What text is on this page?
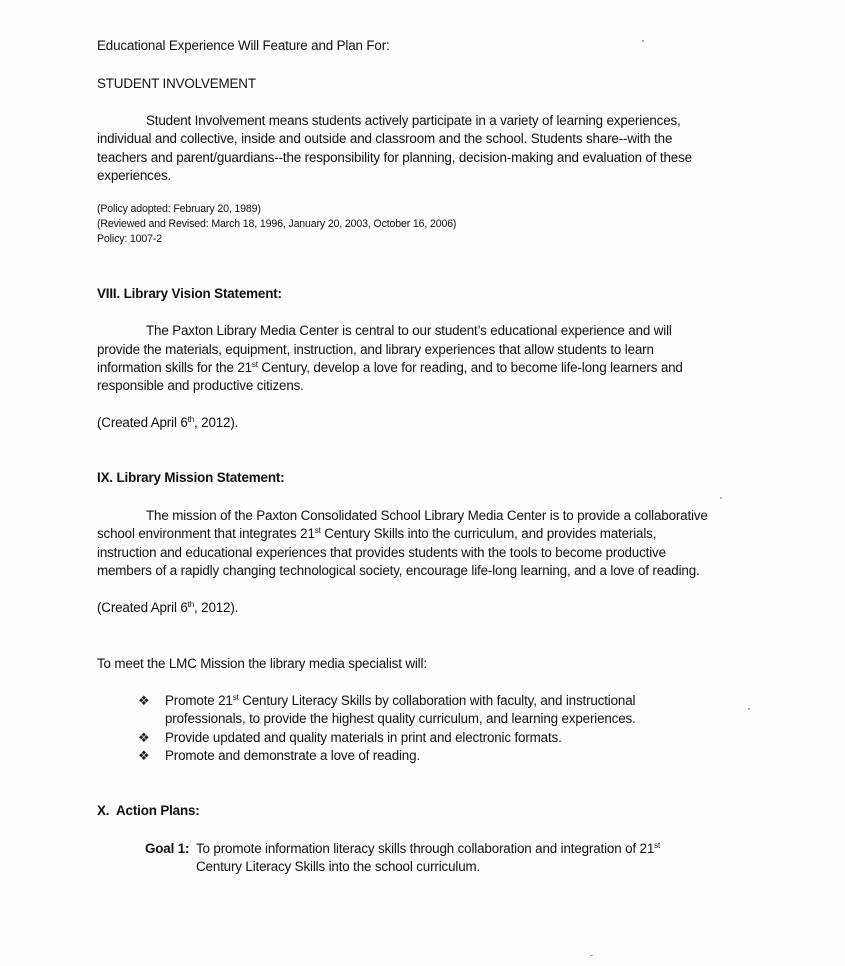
Educational Experience Will Feature and Plan For:
STUDENT INVOLVEMENT
Student Involvement means students actively participate in a variety of learning experiences,
individual and collective, inside and outside and classroom and the school. Students share--with the
teachers and parent/guardians--the responsibility for planning, decision-making and evaluation of these
experiences.
(Policy adopted: February 20, 1989)
(Reviewed and Revised: March 18, 1996, January 20, 2003, October 16, 2006)
Policy: 1007-2
VIII. Library Vision Statement:
The Paxton Library Media Center is central to our student’s educational experience and will
provide the materials, equipment, instruction, and library experiences that allow students to learn
information skills for the 21st Century, develop a love for reading, and to become life-long learners and
responsible and productive citizens.
(Created April 6th, 2012).
IX. Library Mission Statement:
The mission of the Paxton Consolidated School Library Media Center is to provide a collaborative
school environment that integrates 21st Century Skills into the curriculum, and provides materials,
instruction and educational experiences that provides students with the tools to become productive
members of a rapidly changing technological society, encourage life-long learning, and a love of reading.
(Created April 6th, 2012).
To meet the LMC Mission the library media specialist will:
❖ Promote 21st Century Literacy Skills by collaboration with faculty, and instructional
professionals, to provide the highest quality curriculum, and learning experiences.
❖ Provide updated and quality materials in print and electronic formats.
❖ Promote and demonstrate a love of reading.
X.  Action Plans:
Goal 1: To promote information literacy skills through collaboration and integration of 21st
Century Literacy Skills into the school curriculum.
